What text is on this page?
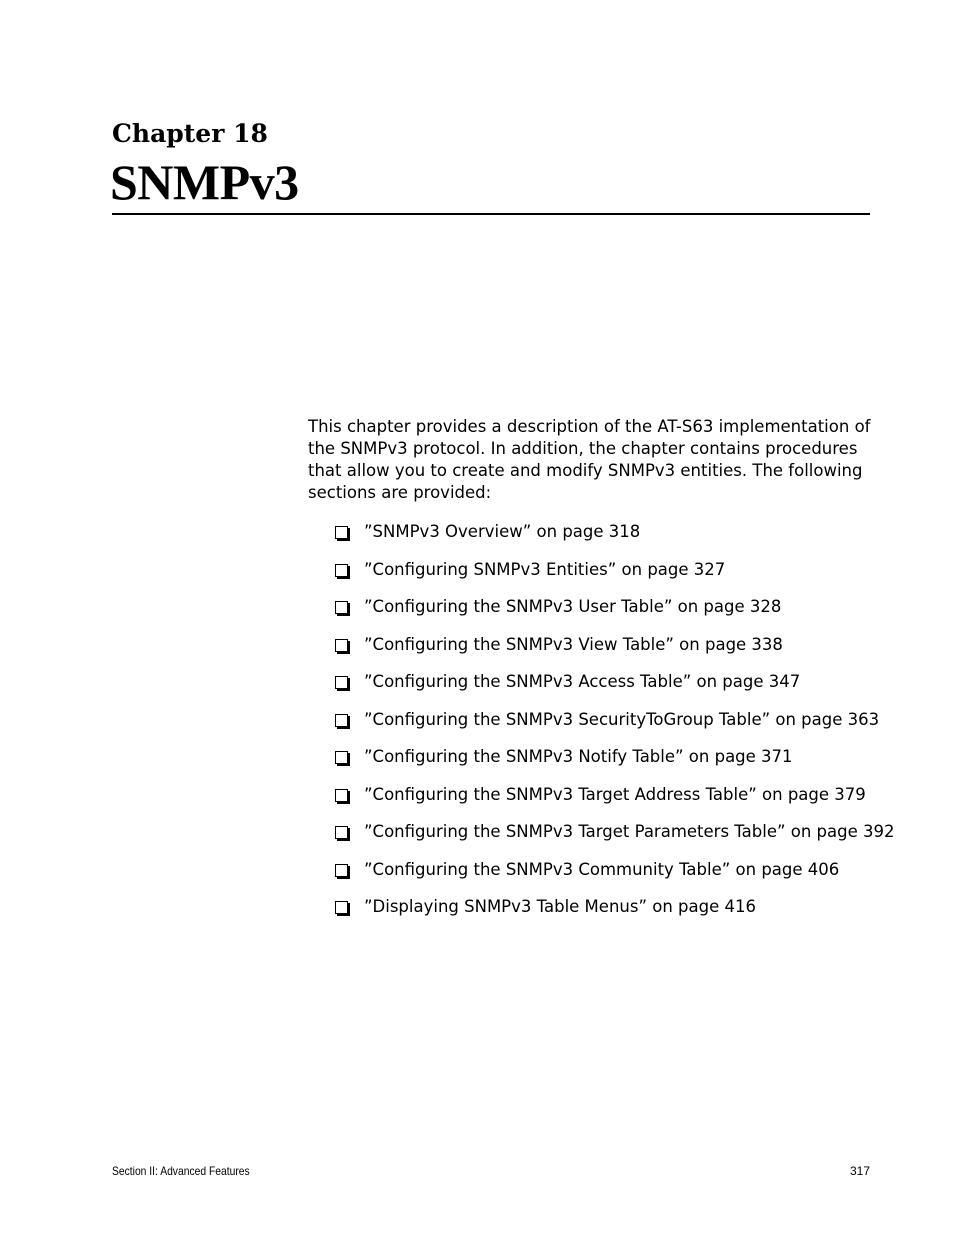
Chapter 18
SNMPv3

This chapter provides a description of the AT-S63 implementation of the SNMPv3 protocol. In addition, the chapter contains procedures that allow you to create and modify SNMPv3 entities. The following sections are provided:

”SNMPv3 Overview” on page 318
”Configuring SNMPv3 Entities” on page 327
”Configuring the SNMPv3 User Table” on page 328
”Configuring the SNMPv3 View Table” on page 338
”Configuring the SNMPv3 Access Table” on page 347
”Configuring the SNMPv3 SecurityToGroup Table” on page 363
”Configuring the SNMPv3 Notify Table” on page 371
”Configuring the SNMPv3 Target Address Table” on page 379
”Configuring the SNMPv3 Target Parameters Table” on page 392
”Configuring the SNMPv3 Community Table” on page 406
”Displaying SNMPv3 Table Menus” on page 416
Section II: Advanced Features	317
